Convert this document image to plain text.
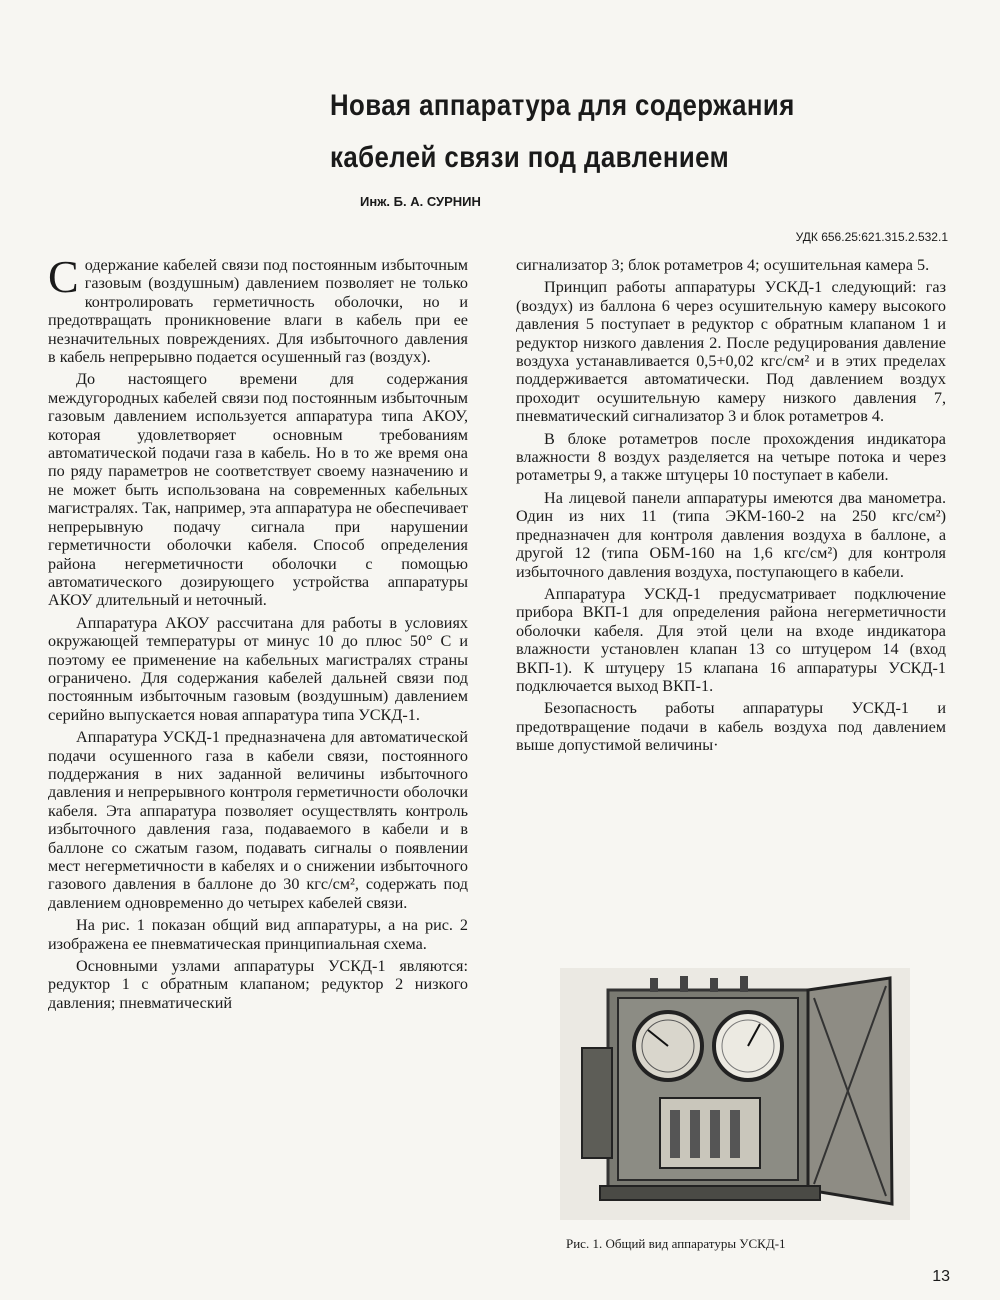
Новая аппаратура для содержания
кабелей связи под давлением
Инж. Б. А. СУРНИН
УДК 656.25:621.315.2.532.1

Содержание кабелей связи под постоянным избыточным газовым (воздушным) давлением позволяет не только контролировать герметичность оболочки, но и предотвращать проникновение влаги в кабель при ее незначительных повреждениях. Для избыточного давления в кабель непрерывно подается осушенный газ (воздух).

До настоящего времени для содержания междугородных кабелей связи под постоянным избыточным газовым давлением используется аппаратура типа АКОУ, которая удовлетворяет основным требованиям автоматической подачи газа в кабель. Но в то же время она по ряду параметров не соответствует своему назначению и не может быть использована на современных кабельных магистралях. Так, например, эта аппаратура не обеспечивает непрерывную подачу сигнала при нарушении герметичности оболочки кабеля. Способ определения района негерметичности оболочки с помощью автоматического дозирующего устройства аппаратуры АКОУ длительный и неточный.

Аппаратура АКОУ рассчитана для работы в условиях окружающей температуры от минус 10 до плюс 50° С и поэтому ее применение на кабельных магистралях страны ограничено. Для содержания кабелей дальней связи под постоянным избыточным газовым (воздушным) давлением серийно выпускается новая аппаратура типа УСКД-1.

Аппаратура УСКД-1 предназначена для автоматической подачи осушенного газа в кабели связи, постоянного поддержания в них заданной величины избыточного давления и непрерывного контроля герметичности оболочки кабеля. Эта аппаратура позволяет осуществлять контроль избыточного давления газа, подаваемого в кабели и в баллоне со сжатым газом, подавать сигналы о появлении мест негерметичности в кабелях и о снижении избыточного газового давления в баллоне до 30 кгс/см², содержать под давлением одновременно до четырех кабелей связи.

На рис. 1 показан общий вид аппаратуры, а на рис. 2 изображена ее пневматическая принципиальная схема.

Основными узлами аппаратуры УСКД-1 являются: редуктор 1 с обратным клапаном; редуктор 2 низкого давления; пневматический

сигнализатор 3; блок ротаметров 4; осушительная камера 5.

Принцип работы аппаратуры УСКД-1 следующий: газ (воздух) из баллона 6 через осушительную камеру высокого давления 5 поступает в редуктор с обратным клапаном 1 и редуктор низкого давления 2. После редуцирования давление воздуха устанавливается 0,5+0,02 кгс/см² и в этих пределах поддерживается автоматически. Под давлением воздух проходит осушительную камеру низкого давления 7, пневматический сигнализатор 3 и блок ротаметров 4.

В блоке ротаметров после прохождения индикатора влажности 8 воздух разделяется на четыре потока и через ротаметры 9, а также штуцеры 10 поступает в кабели.

На лицевой панели аппаратуры имеются два манометра. Один из них 11 (типа ЭКМ-160-2 на 250 кгс/см²) предназначен для контроля давления воздуха в баллоне, а другой 12 (типа ОБМ-160 на 1,6 кгс/см²) для контроля избыточного давления воздуха, поступающего в кабели.

Аппаратура УСКД-1 предусматривает подключение прибора ВКП-1 для определения района негерметичности оболочки кабеля. Для этой цели на входе индикатора влажности установлен клапан 13 со штуцером 14 (вход ВКП-1). К штуцеру 15 клапана 16 аппаратуры УСКД-1 подключается выход ВКП-1.

Безопасность работы аппаратуры УСКД-1 и предотвращение подачи в кабель воздуха под давлением выше допустимой величины·

Рис. 1. Общий вид аппаратуры УСКД-1
13
